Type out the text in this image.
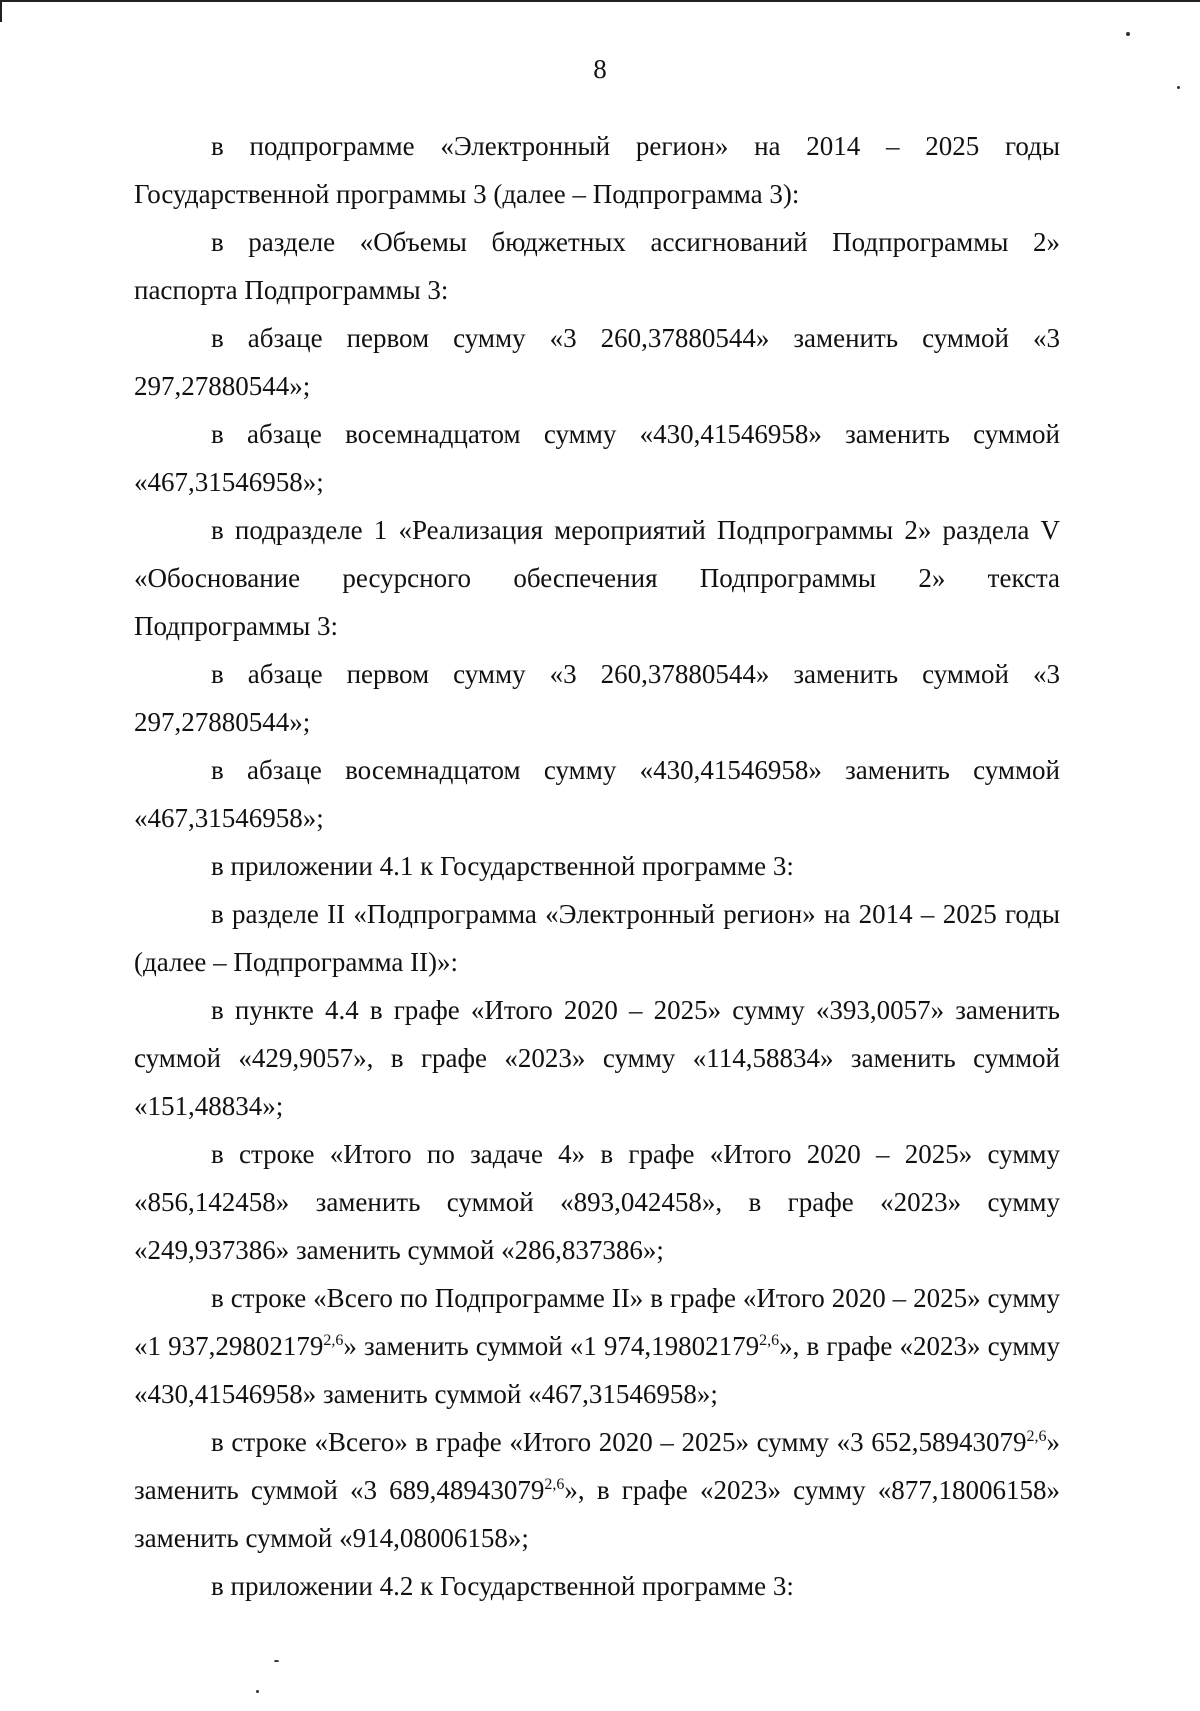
8

в подпрограмме «Электронный регион» на 2014 – 2025 годы Государственной программы 3 (далее – Подпрограмма 3):

в разделе «Объемы бюджетных ассигнований Подпрограммы 2» паспорта Подпрограммы 3:

в абзаце первом сумму «3 260,37880544» заменить суммой «3 297,27880544»;

в абзаце восемнадцатом сумму «430,41546958» заменить суммой «467,31546958»;

в подразделе 1 «Реализация мероприятий Подпрограммы 2» раздела V «Обоснование ресурсного обеспечения Подпрограммы 2» текста Подпрограммы 3:

в абзаце первом сумму «3 260,37880544» заменить суммой «3 297,27880544»;

в абзаце восемнадцатом сумму «430,41546958» заменить суммой «467,31546958»;

в приложении 4.1 к Государственной программе 3:

в разделе II «Подпрограмма «Электронный регион» на 2014 – 2025 годы (далее – Подпрограмма II)»:

в пункте 4.4 в графе «Итого 2020 – 2025» сумму «393,0057» заменить суммой «429,9057», в графе «2023» сумму «114,58834» заменить суммой «151,48834»;

в строке «Итого по задаче 4» в графе «Итого 2020 – 2025» сумму «856,142458» заменить суммой «893,042458», в графе «2023» сумму «249,937386» заменить суммой «286,837386»;

в строке «Всего по Подпрограмме II» в графе «Итого 2020 – 2025» сумму «1 937,29802179$^{2,6}$» заменить суммой «1 974,19802179$^{2,6}$», в графе «2023» сумму «430,41546958» заменить суммой «467,31546958»;

в строке «Всего» в графе «Итого 2020 – 2025» сумму «3 652,58943079$^{2,6}$» заменить суммой «3 689,48943079$^{2,6}$», в графе «2023» сумму «877,18006158» заменить суммой «914,08006158»;

в приложении 4.2 к Государственной программе 3:
